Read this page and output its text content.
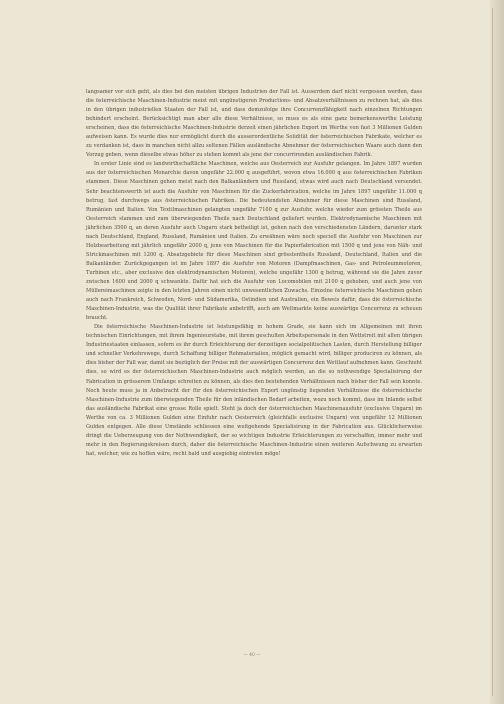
langsamer vor sich geht, als dies bei den meisten übrigen Industrien der Fall ist. Ausserdem darf nicht vergessen werden, dass die österreichische Maschinen-Industrie meist mit ungünstigeren Productions- und Absatzverhältnissen zu rechnen hat, als dies in den übrigen industriellen Staaten der Fall ist, und dass demzufolge ihre Concurrenzfähigkeit nach einzelnen Richtungen behindert erscheint. Berücksichtigt man aber alle diese Verhältnisse, so muss es als eine ganz bemerkenswerthe Leistung erscheinen, dass die österreichische Maschinen-Industrie derzeit einen jährlichen Export im Werthe von fast 3 Millionen Gulden aufweisen kann. Es wurde dies nur ermöglicht durch die ausserordentliche Solidität der österreichischen Fabrikate, welcher es zu verdanken ist, dass in manchen nicht allzu seltenen Fällen ausländische Abnehmer der österreichischen Waare auch dann den Vorzug geben, wenn dieselbe etwas höher zu stehen kommt als jene der concurrirenden ausländischen Fabrik.

In erster Linie sind es landwirthschaftliche Maschinen, welche aus Oesterreich zur Ausfuhr gelangen. Im Jahre 1897 wurden aus der österreichischen Monarchie davon ungefähr 22.000 q ausgeführt, wovon etwa 16.000 q aus österreichischen Fabriken stammen. Diese Maschinen gehen meist nach den Balkanländern und Russland, etwas wird auch nach Deutschland versendet. Sehr beachtenswerth ist auch die Ausfuhr von Maschinen für die Zuckerfabrication, welche im Jahre 1897 ungefähr 11.000 q betrug, fast durchwegs aus österreichischen Fabriken. Die bedeutendsten Abnehmer für diese Maschinen sind Russland, Rumänien und Italien. Von Textilmaschinen gelangten ungefähr 7100 q zur Ausfuhr, welche wieder zum grössten Theile aus Oesterreich stammen und zum überwiegenden Theile nach Deutschland geliefert wurden. Elektrodynamische Maschinen mit jährlichen 3500 q, an deren Ausfuhr auch Ungarn stark betheiligt ist, gehen nach den verschiedensten Ländern, darunter stark nach Deutschland, England, Russland, Rumänien und Italien. Zu erwähnen wäre noch speciell die Ausfuhr von Maschinen zur Holzbearbeitung mit jährlich ungefähr 2000 q, jene von Maschinen für die Papierfabrication mit 1500 q und jene von Näh- und Strickmaschinen mit 1200 q. Absatzgebiete für diese Maschinen sind grösstentheils Russland, Deutschland, Italien und die Balkanländer. Zurückgegangen ist im Jahre 1897 die Ausfuhr von Motoren (Dampfmaschinen, Gas- und Petroleummotoren, Turbinen etc., aber exclusive den elektrodynamischen Motoren), welche ungefähr 1300 q betrug, während sie die Jahre zuvor zwischen 1600 und 2000 q schwankte. Dafür hat sich die Ausfuhr von Locomobilen mit 2100 q gehoben, und auch jene von Müllereimaschinen zeigte in den letzten Jahren einen nicht unwesentlichen Zuwachs. Einzelne österreichische Maschinen gehen auch nach Frankreich, Schweden, Nord- und Südamerika, Ostindien und Australien, ein Beweis dafür, dass die österreichische Maschinen-Industrie, was die Qualität ihrer Fabrikate anbetrifft, auch am Weltmarkte keine auswärtige Concurrenz zu scheuen braucht.

Die österreichische Maschinen-Industrie ist leistungsfähig in hohem Grade, sie kann sich im Allgemeinen mit ihren technischen Einrichtungen, mit ihrem Ingenieurstabe, mit ihrem geschulten Arbeitspersonale in den Wettstreit mit allen übrigen Industriestaaten einlassen, sofern es ihr durch Erleichterung der derzeitigen socialpolitischen Lasten, durch Herstellung billiger und schneller Verkehrswege, durch Schaffung billiger Rohmaterialien, möglich gemacht wird, billiger produciren zu können, als dies bisher der Fall war, damit sie bezüglich der Preise mit der auswärtigen Concurrenz den Wettlauf aufnehmen kann. Geschieht dies, so wird es der österreichischen Maschinen-Industrie auch möglich werden, an die so nothwendige Specialisirung der Fabrication in grösserem Umfange schreiten zu können, als dies den bestehenden Verhältnissen nach bisher der Fall sein konnte. Noch heute muss ja in Anbetracht der für den österreichischen Export ungünstig liegenden Verhältnisse die österreichische Maschinen-Industrie zum überwiegenden Theile für den inländischen Bedarf arbeiten, wozu noch kommt, dass im Inlande selbst das ausländische Fabrikat eine grosse Rolle spielt. Steht ja doch der österreichischen Maschinenausfuhr (exclusive Ungarn) im Werthe von ca. 3 Millionen Gulden eine Einfuhr nach Oesterreich (gleichfalls exclusive Ungarn) von ungefähr 12 Millionen Gulden entgegen. Alle diese Umstände schliessen eine weitgehende Specialisirung in der Fabrication aus. Glücklicherweise dringt die Ueberzeugung von der Nothwendigkeit, der so wichtigen Industrie Erleichterungen zu verschaffen, immer mehr und mehr in den Regierungskreisen durch, daher die österreichische Maschinen-Industrie einen weiteren Aufschwung zu erwarten hat, welcher, wie zu hoffen wäre, recht bald und ausgiebig eintreten möge!

— 40 —
